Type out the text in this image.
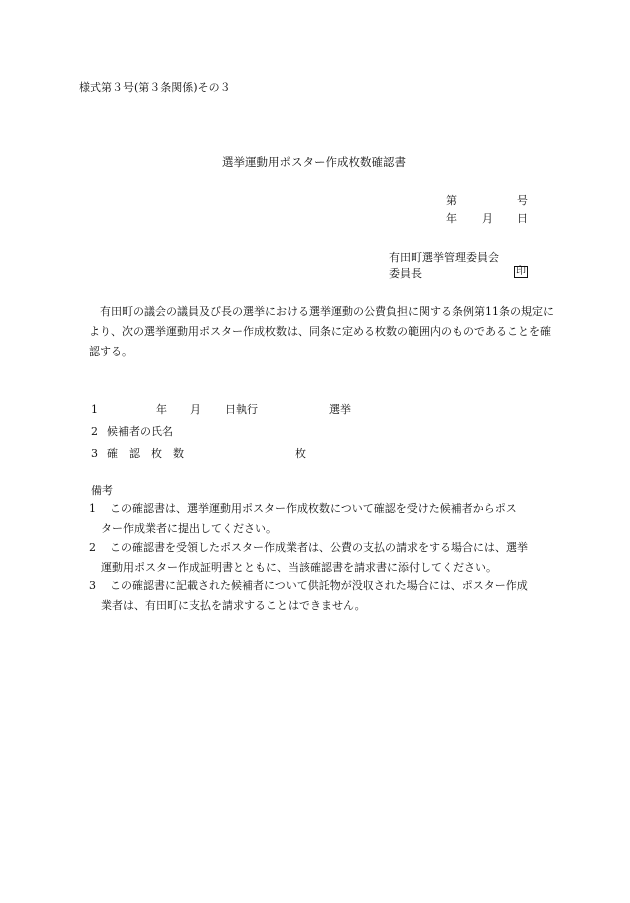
様式第３号(第３条関係)その３
選挙運動用ポスター作成枚数確認書
第	号
年 月 日
有田町選挙管理委員会
委員長	印
有田町の議会の議員及び長の選挙における選挙運動の公費負担に関する条例第11条の規定により、次の選挙運動用ポスター作成枚数は、同条に定める枚数の範囲内のものであることを確認する。
1	年 月 日執行	選挙
2 候補者の氏名
3 確　認　枚　数	枚
備考
1 この確認書は、選挙運動用ポスター作成枚数について確認を受けた候補者からポス
ター作成業者に提出してください。
2 この確認書を受領したポスター作成業者は、公費の支払の請求をする場合には、選挙
運動用ポスター作成証明書とともに、当該確認書を請求書に添付してください。
3 この確認書に記載された候補者について供託物が没収された場合には、ポスター作成
業者は、有田町に支払を請求することはできません。
